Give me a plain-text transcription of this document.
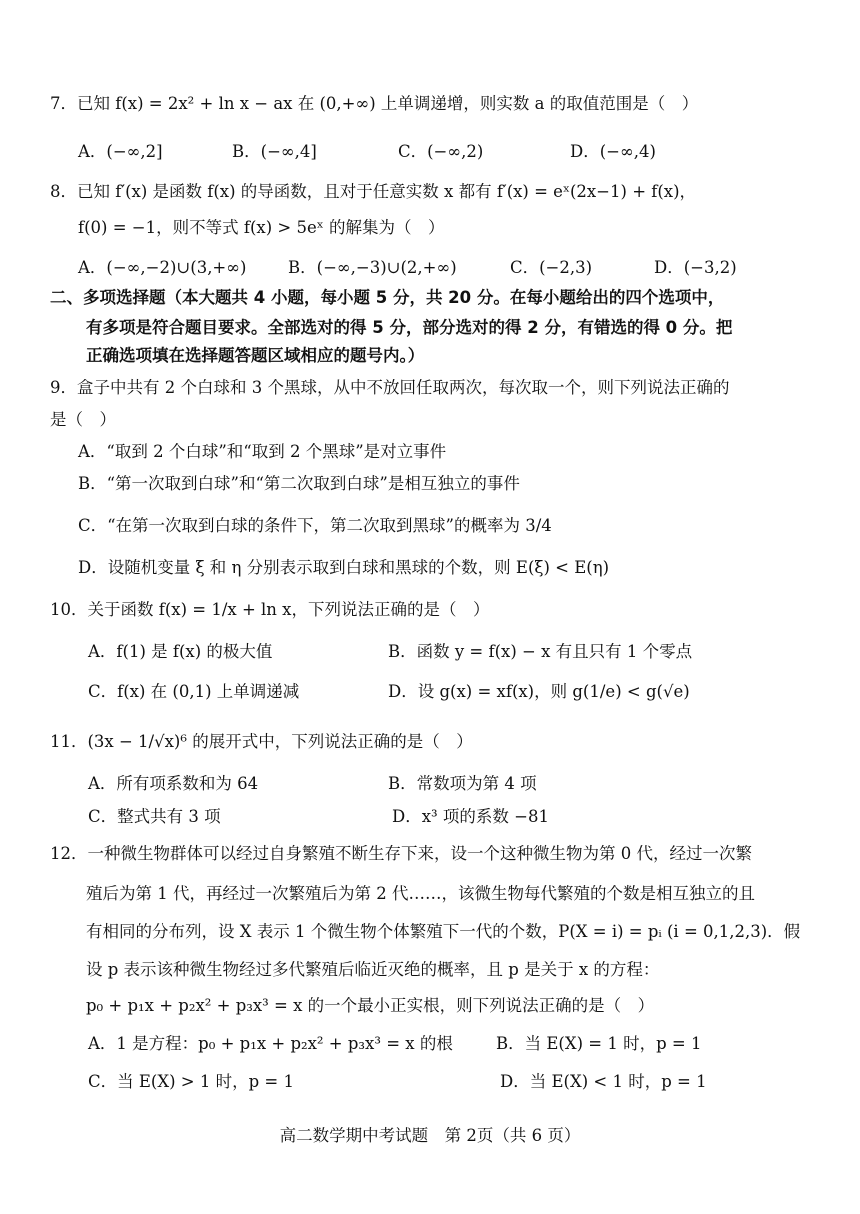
7．已知 f(x) = 2x² + ln x − ax 在 (0,+∞) 上单调递增，则实数 a 的取值范围是（　）
A．(−∞,2]	B．(−∞,4]	C．(−∞,2)	D．(−∞,4)
8．已知 f′(x) 是函数 f(x) 的导函数，且对于任意实数 x 都有 f′(x) = eˣ(2x−1) + f(x)，
f(0) = −1，则不等式 f(x) > 5eˣ 的解集为（　）
A．(−∞,−2)∪(3,+∞)	B．(−∞,−3)∪(2,+∞)	C．(−2,3)	D．(−3,2)
二、多项选择题（本大题共 4 小题，每小题 5 分，共 20 分。在每小题给出的四个选项中，
有多项是符合题目要求。全部选对的得 5 分，部分选对的得 2 分，有错选的得 0 分。把
正确选项填在选择题答题区域相应的题号内。）
9．盒子中共有 2 个白球和 3 个黑球，从中不放回任取两次，每次取一个，则下列说法正确的
是（　）
A．“取到 2 个白球”和“取到 2 个黑球”是对立事件
B．“第一次取到白球”和“第二次取到白球”是相互独立的事件
C．“在第一次取到白球的条件下，第二次取到黑球”的概率为 3/4
D．设随机变量 ξ 和 η 分别表示取到白球和黑球的个数，则 E(ξ) < E(η)
10．关于函数 f(x) = 1/x + ln x，下列说法正确的是（　）
A．f(1) 是 f(x) 的极大值	B．函数 y = f(x) − x 有且只有 1 个零点
C．f(x) 在 (0,1) 上单调递减	D．设 g(x) = xf(x)，则 g(1/e) < g(√e)
11．(3x − 1/√x)⁶ 的展开式中，下列说法正确的是（　）
A．所有项系数和为 64	B．常数项为第 4 项
C．整式共有 3 项	D．x³ 项的系数 −81
12．一种微生物群体可以经过自身繁殖不断生存下来，设一个这种微生物为第 0 代，经过一次繁
殖后为第 1 代，再经过一次繁殖后为第 2 代……，该微生物每代繁殖的个数是相互独立的且
有相同的分布列，设 X 表示 1 个微生物个体繁殖下一代的个数，P(X = i) = pᵢ (i = 0,1,2,3)．假
设 p 表示该种微生物经过多代繁殖后临近灭绝的概率，且 p 是关于 x 的方程：
p₀ + p₁x + p₂x² + p₃x³ = x 的一个最小正实根，则下列说法正确的是（　）
A．1 是方程：p₀ + p₁x + p₂x² + p₃x³ = x 的根	B．当 E(X) = 1 时，p = 1
C．当 E(X) > 1 时，p = 1	D．当 E(X) < 1 时，p = 1
高二数学期中考试题　第 2页（共 6 页）
